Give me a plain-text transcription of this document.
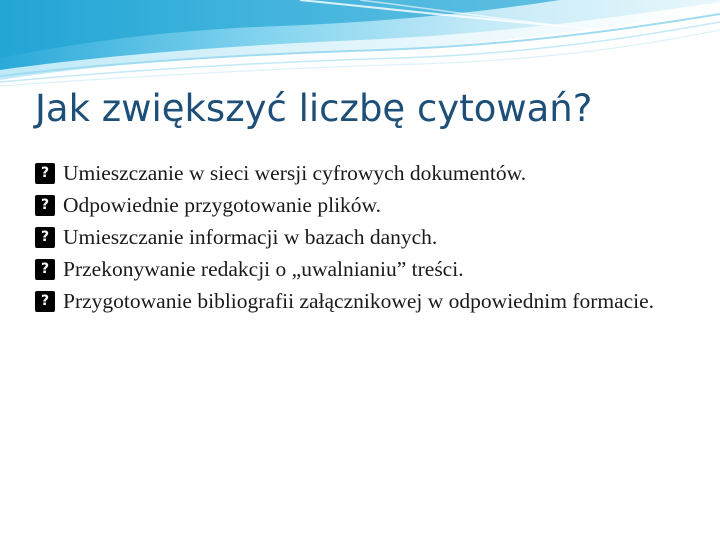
Jak zwiększyć liczbę cytowań?
?
Umieszczanie w sieci wersji cyfrowych dokumentów.
?
Odpowiednie przygotowanie plików.
?
Umieszczanie informacji w bazach danych.
?
Przekonywanie redakcji o „uwalnianiu” treści.
?
Przygotowanie bibliografii załącznikowej w odpowiednim formacie.
